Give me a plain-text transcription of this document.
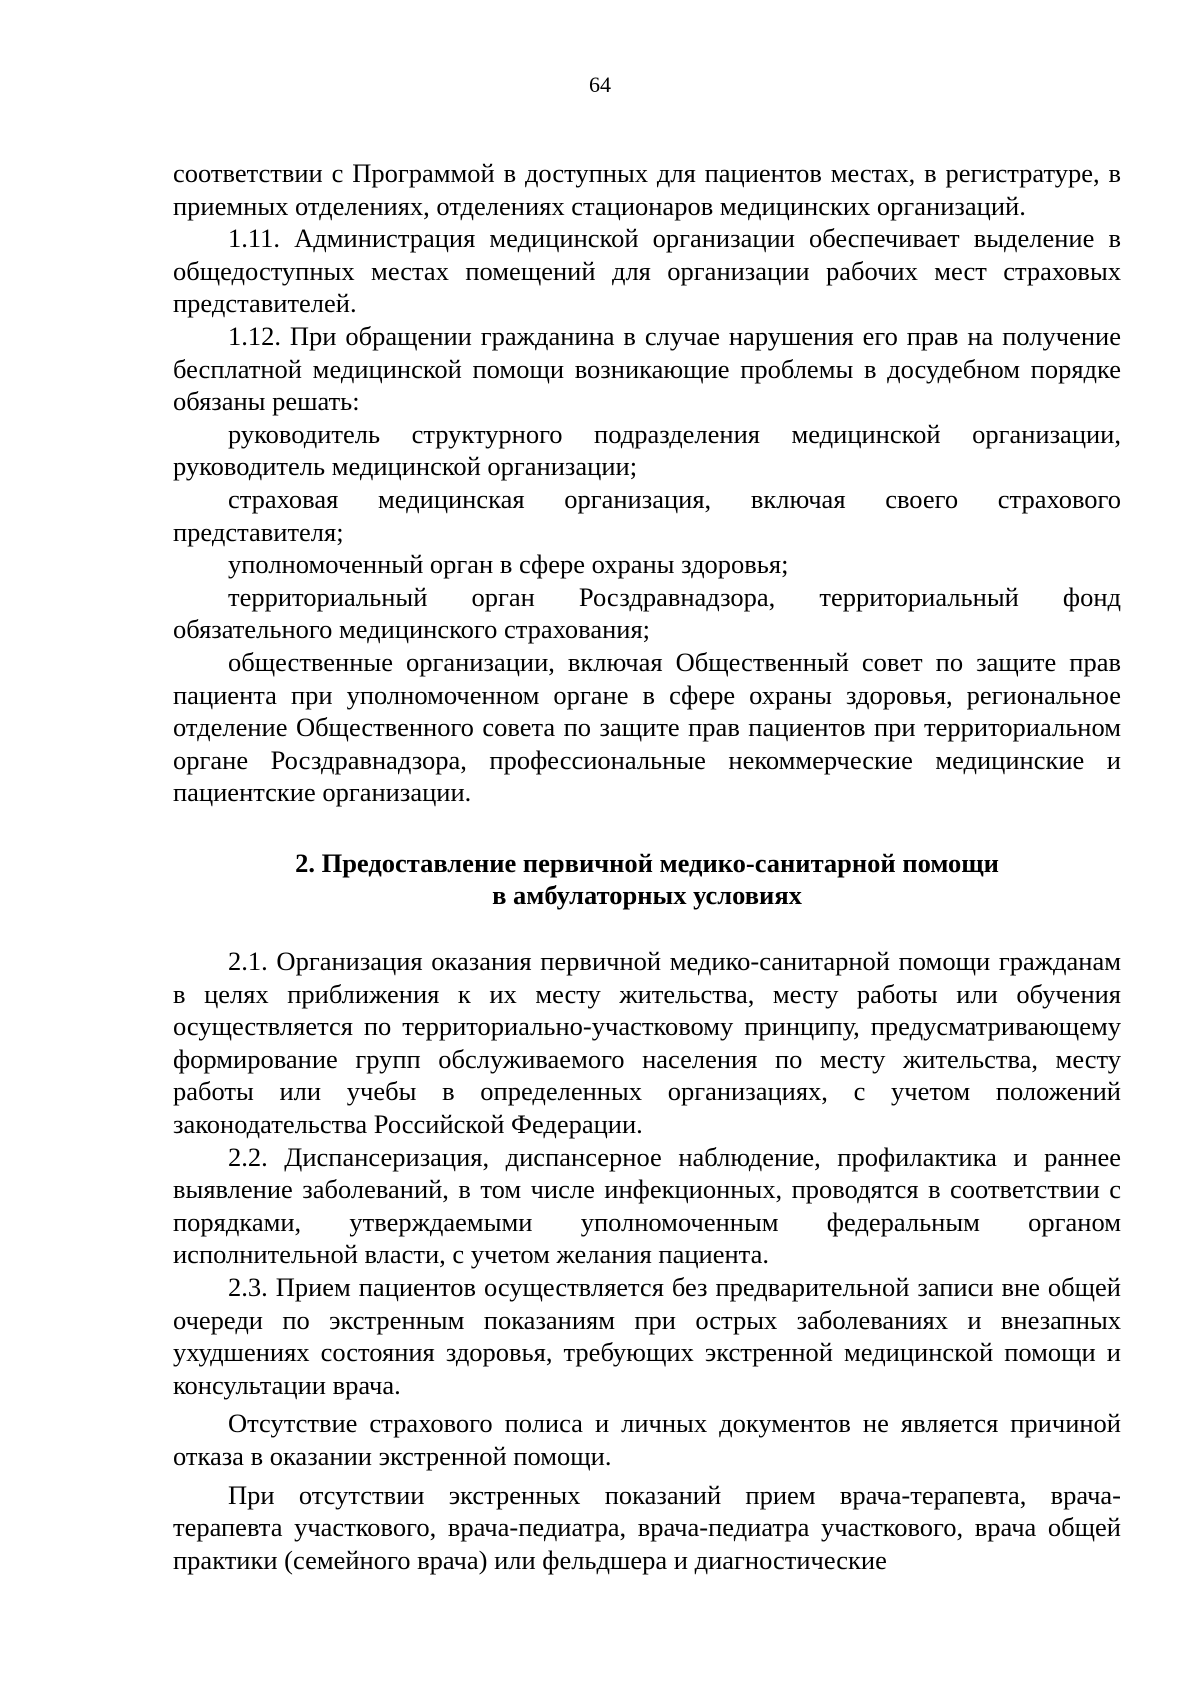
64

соответствии с Программой в доступных для пациентов местах, в регистратуре, в приемных отделениях, отделениях стационаров медицинских организаций.

1.11. Администрация медицинской организации обеспечивает выделение в общедоступных местах помещений для организации рабочих мест страховых представителей.

1.12. При обращении гражданина в случае нарушения его прав на получение бесплатной медицинской помощи возникающие проблемы в досудебном порядке обязаны решать:

руководитель структурного подразделения медицинской организации, руководитель медицинской организации;

страховая медицинская организация, включая своего страхового представителя;

уполномоченный орган в сфере охраны здоровья;

территориальный орган Росздравнадзора, территориальный фонд обязательного медицинского страхования;

общественные организации, включая Общественный совет по защите прав пациента при уполномоченном органе в сфере охраны здоровья, региональное отделение Общественного совета по защите прав пациентов при территориальном органе Росздравнадзора, профессиональные некоммерческие медицинские и пациентские организации.

2. Предоставление первичной медико-санитарной помощи
в амбулаторных условиях

2.1. Организация оказания первичной медико-санитарной помощи гражданам в целях приближения к их месту жительства, месту работы или обучения осуществляется по территориально-участковому принципу, предусматривающему формирование групп обслуживаемого населения по месту жительства, месту работы или учебы в определенных организациях, с учетом положений законодательства Российской Федерации.

2.2. Диспансеризация, диспансерное наблюдение, профилактика и раннее выявление заболеваний, в том числе инфекционных, проводятся в соответствии с порядками, утверждаемыми уполномоченным федеральным органом исполнительной власти, с учетом желания пациента.

2.3. Прием пациентов осуществляется без предварительной записи вне общей очереди по экстренным показаниям при острых заболеваниях и внезапных ухудшениях состояния здоровья, требующих экстренной медицинской помощи и консультации врача.

Отсутствие страхового полиса и личных документов не является причиной отказа в оказании экстренной помощи.

При отсутствии экстренных показаний прием врача-терапевта, врача-терапевта участкового, врача-педиатра, врача-педиатра участкового, врача общей практики (семейного врача) или фельдшера и диагностические
